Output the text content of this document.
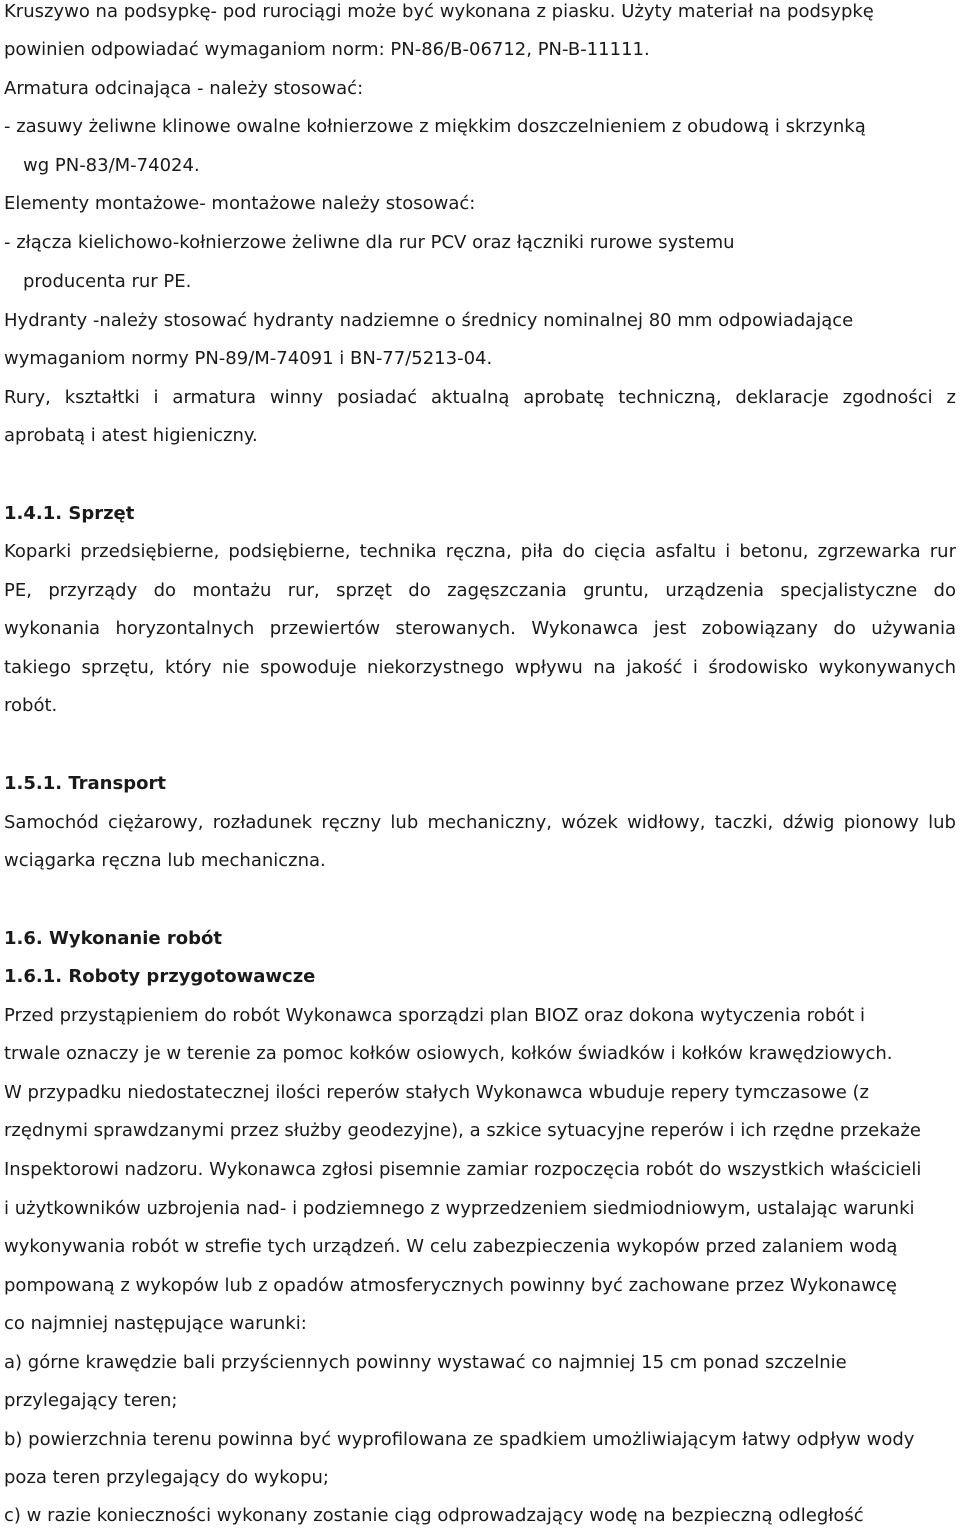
Kruszywo na podsypkę- pod rurociągi może być wykonana z piasku. Użyty materiał na podsypkę
powinien odpowiadać wymaganiom norm: PN-86/B-06712, PN-B-11111.
Armatura odcinająca - należy stosować:
- zasuwy żeliwne klinowe owalne kołnierzowe z miękkim doszczelnieniem z obudową i skrzynką
wg PN-83/M-74024.
Elementy montażowe- montażowe należy stosować:
- złącza kielichowo-kołnierzowe żeliwne dla rur PCV oraz łączniki rurowe systemu
producenta rur PE.
Hydranty -należy stosować hydranty nadziemne o średnicy nominalnej 80 mm odpowiadające
wymaganiom normy PN-89/M-74091 i BN-77/5213-04.
Rury, kształtki i armatura winny posiadać aktualną aprobatę techniczną, deklaracje zgodności z
aprobatą i atest higieniczny.
1.4.1. Sprzęt
Koparki przedsiębierne, podsiębierne, technika ręczna, piła do cięcia asfaltu i betonu, zgrzewarka rur
PE, przyrządy do montażu rur, sprzęt do zagęszczania gruntu, urządzenia specjalistyczne do
wykonania horyzontalnych przewiertów sterowanych. Wykonawca jest zobowiązany do używania
takiego sprzętu, który nie spowoduje niekorzystnego wpływu na jakość i środowisko wykonywanych
robót.
1.5.1. Transport
Samochód ciężarowy, rozładunek ręczny lub mechaniczny, wózek widłowy, taczki, dźwig pionowy lub
wciągarka ręczna lub mechaniczna.
1.6. Wykonanie robót
1.6.1. Roboty przygotowawcze
Przed przystąpieniem do robót Wykonawca sporządzi plan BIOZ oraz dokona wytyczenia robót i
trwale oznaczy je w terenie za pomoc kołków osiowych, kołków świadków i kołków krawędziowych.
W przypadku niedostatecznej ilości reperów stałych Wykonawca wbuduje repery tymczasowe (z
rzędnymi sprawdzanymi przez służby geodezyjne), a szkice sytuacyjne reperów i ich rzędne przekaże
Inspektorowi nadzoru. Wykonawca zgłosi pisemnie zamiar rozpoczęcia robót do wszystkich właścicieli
i użytkowników uzbrojenia nad- i podziemnego z wyprzedzeniem siedmiodniowym, ustalając warunki
wykonywania robót w strefie tych urządzeń. W celu zabezpieczenia wykopów przed zalaniem wodą
pompowaną z wykopów lub z opadów atmosferycznych powinny być zachowane przez Wykonawcę
co najmniej następujące warunki:
a) górne krawędzie bali przyściennych powinny wystawać co najmniej 15 cm ponad szczelnie
przylegający teren;
b) powierzchnia terenu powinna być wyprofilowana ze spadkiem umożliwiającym łatwy odpływ wody
poza teren przylegający do wykopu;
c) w razie konieczności wykonany zostanie ciąg odprowadzający wodę na bezpieczną odległość
